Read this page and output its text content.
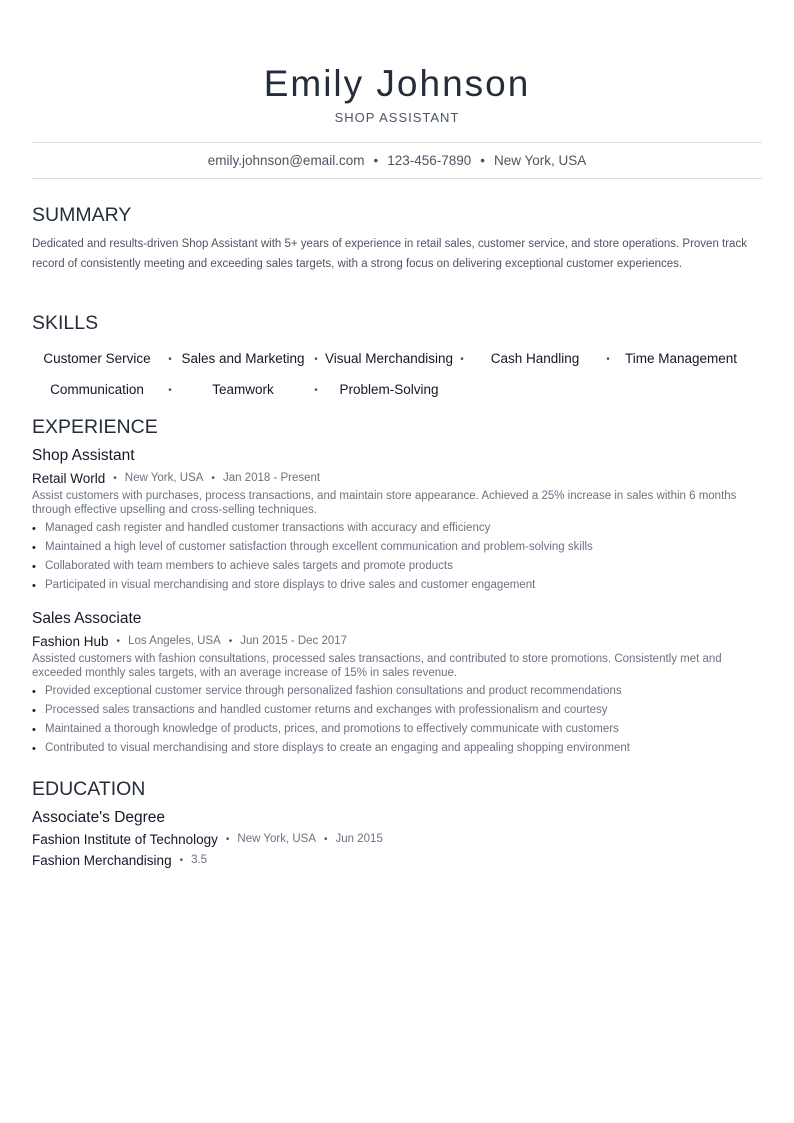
Emily Johnson
SHOP ASSISTANT
emily.johnson@email.com • 123-456-7890 • New York, USA
SUMMARY
Dedicated and results-driven Shop Assistant with 5+ years of experience in retail sales, customer service, and store operations. Proven track record of consistently meeting and exceeding sales targets, with a strong focus on delivering exceptional customer experiences.
SKILLS
Customer Service	• Sales and Marketing • Visual Merchandising •	Cash Handling	•	Time Management
Communication	•	Teamwork	•	Problem-Solving
EXPERIENCE
Shop Assistant
Retail World • New York, USA • Jan 2018 - Present
Assist customers with purchases, process transactions, and maintain store appearance. Achieved a 25% increase in sales within 6 months through effective upselling and cross-selling techniques.
• Managed cash register and handled customer transactions with accuracy and efficiency
• Maintained a high level of customer satisfaction through excellent communication and problem-solving skills
• Collaborated with team members to achieve sales targets and promote products
• Participated in visual merchandising and store displays to drive sales and customer engagement
Sales Associate
Fashion Hub • Los Angeles, USA • Jun 2015 - Dec 2017
Assisted customers with fashion consultations, processed sales transactions, and contributed to store promotions. Consistently met and exceeded monthly sales targets, with an average increase of 15% in sales revenue.
• Provided exceptional customer service through personalized fashion consultations and product recommendations
• Processed sales transactions and handled customer returns and exchanges with professionalism and courtesy
• Maintained a thorough knowledge of products, prices, and promotions to effectively communicate with customers
• Contributed to visual merchandising and store displays to create an engaging and appealing shopping environment
EDUCATION
Associate's Degree
Fashion Institute of Technology • New York, USA • Jun 2015
Fashion Merchandising • 3.5
